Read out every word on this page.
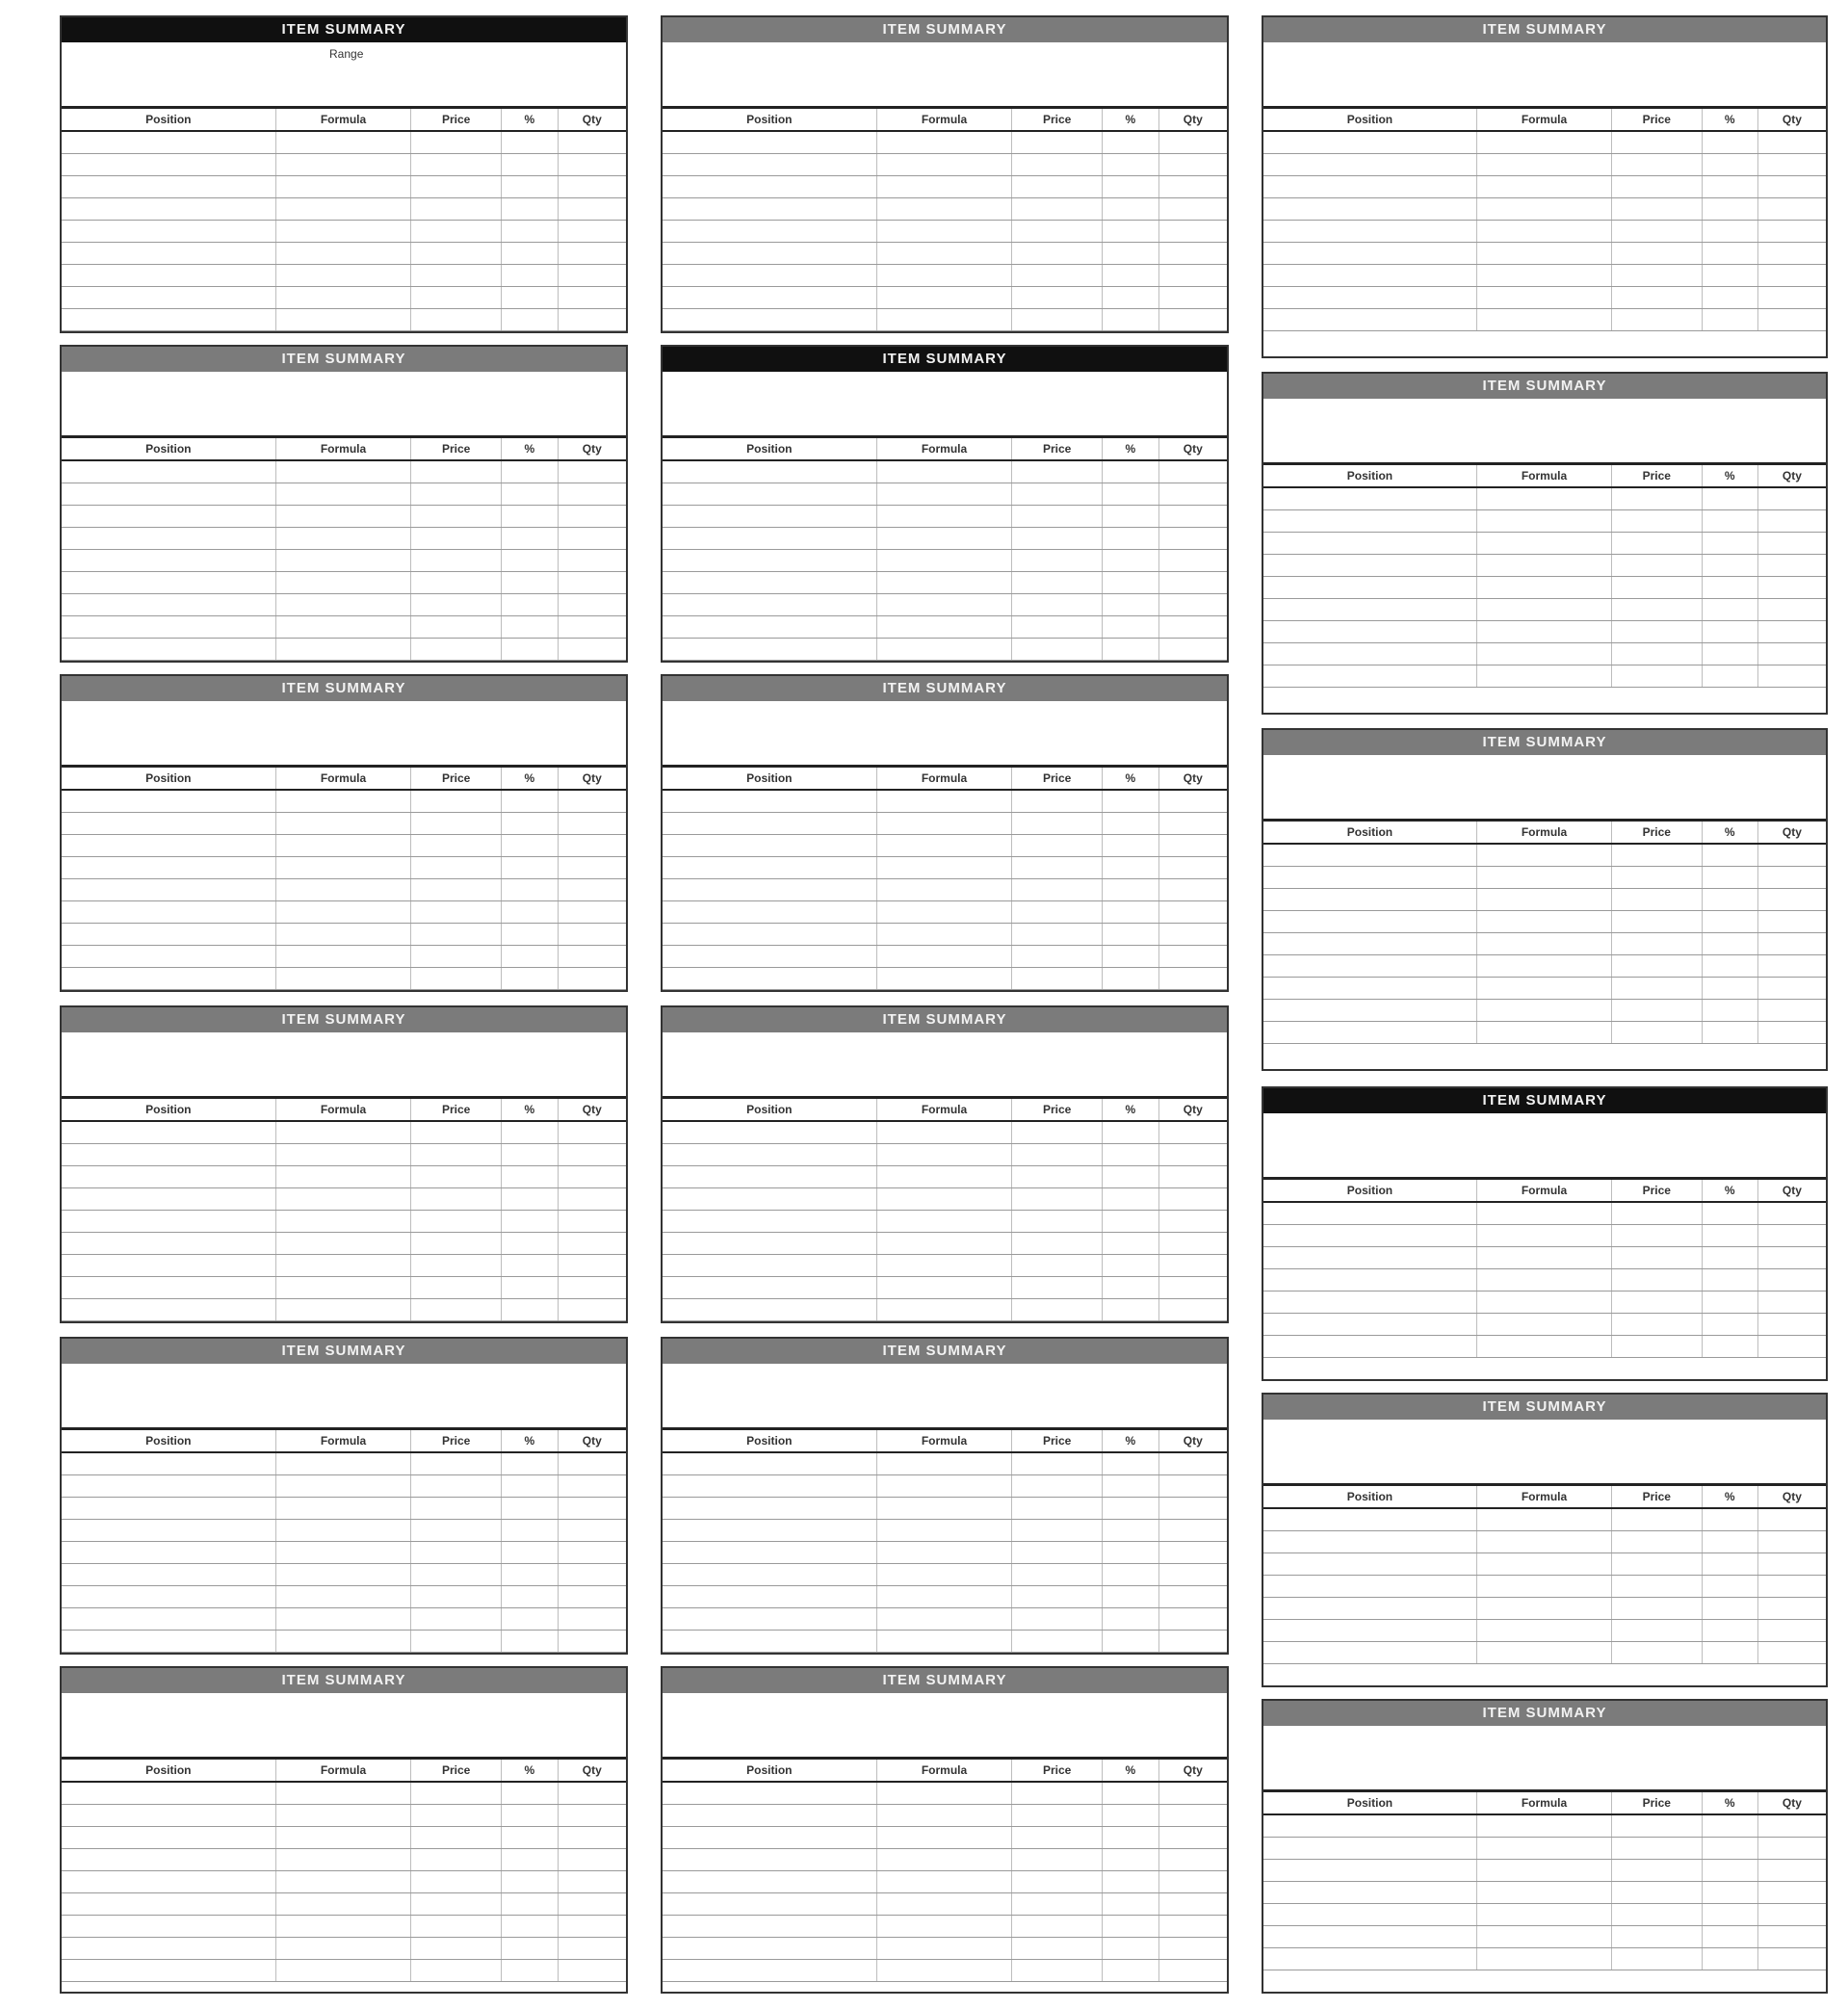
ITEM SUMMARY
Range
Position	Formula	Price	%	Qty
ITEM SUMMARY
Position	Formula	Price	%	Qty
ITEM SUMMARY
Position	Formula	Price	%	Qty
ITEM SUMMARY
Position	Formula	Price	%	Qty
ITEM SUMMARY
Position	Formula	Price	%	Qty
ITEM SUMMARY
Position	Formula	Price	%	Qty
ITEM SUMMARY
Position	Formula	Price	%	Qty
ITEM SUMMARY
Position	Formula	Price	%	Qty
ITEM SUMMARY
Position	Formula	Price	%	Qty
ITEM SUMMARY
Position	Formula	Price	%	Qty
ITEM SUMMARY
Position	Formula	Price	%	Qty
ITEM SUMMARY
Position	Formula	Price	%	Qty
ITEM SUMMARY
Position	Formula	Price	%	Qty
ITEM SUMMARY
Position	Formula	Price	%	Qty
ITEM SUMMARY
Position	Formula	Price	%	Qty
ITEM SUMMARY
Position	Formula	Price	%	Qty
ITEM SUMMARY
Position	Formula	Price	%	Qty
ITEM SUMMARY
Position	Formula	Price	%	Qty
